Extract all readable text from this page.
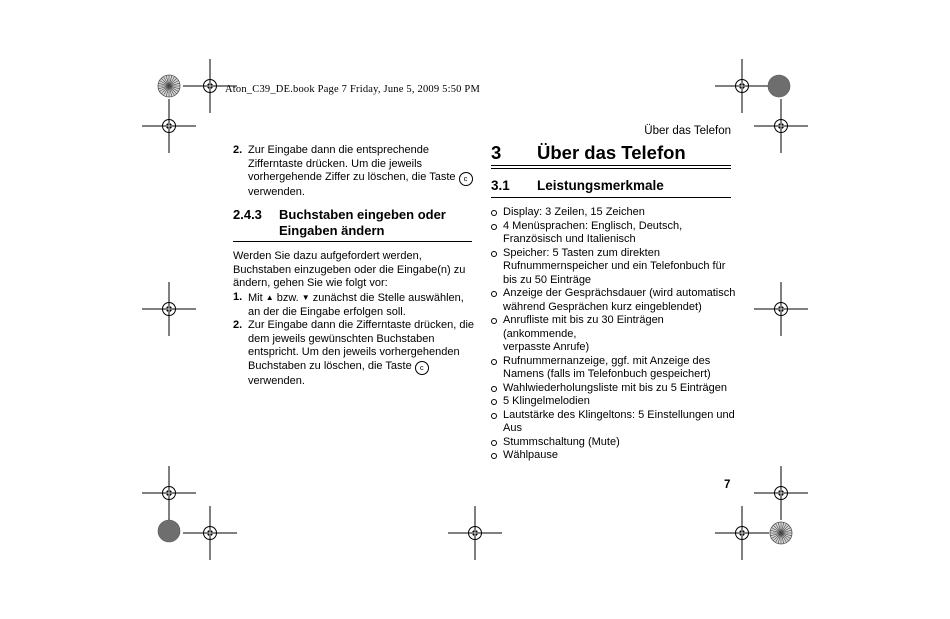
Aton_C39_DE.book Page 7 Friday, June 5, 2009 5:50 PM
Über das Telefon
2. Zur Eingabe dann die entsprechende
Zifferntaste drücken. Um die jeweils
vorhergehende Ziffer zu löschen, die Taste c
verwenden.
2.4.3 Buchstaben eingeben oder
Eingaben ändern
Werden Sie dazu aufgefordert werden,
Buchstaben einzugeben oder die Eingabe(n) zu
ändern, gehen Sie wie folgt vor:
1. Mit ▲ bzw. ▼ zunächst die Stelle auswählen,
an der die Eingabe erfolgen soll.
2. Zur Eingabe dann die Zifferntaste drücken, die
dem jeweils gewünschten Buchstaben
entspricht. Um den jeweils vorhergehenden
Buchstaben zu löschen, die Taste c
verwenden.
3 Über das Telefon
3.1 Leistungsmerkmale
Display: 3 Zeilen, 15 Zeichen
4 Menüsprachen: Englisch, Deutsch,
Französisch und Italienisch
Speicher: 5 Tasten zum direkten
Rufnummernspeicher und ein Telefonbuch für
bis zu 50 Einträge
Anzeige der Gesprächsdauer (wird automatisch
während Gesprächen kurz eingeblendet)
Anrufliste mit bis zu 30 Einträgen (ankommende,
verpasste Anrufe)
Rufnummernanzeige, ggf. mit Anzeige des
Namens (falls im Telefonbuch gespeichert)
Wahlwiederholungsliste mit bis zu 5 Einträgen
5 Klingelmelodien
Lautstärke des Klingeltons: 5 Einstellungen und
Aus
Stummschaltung (Mute)
Wählpause
7
